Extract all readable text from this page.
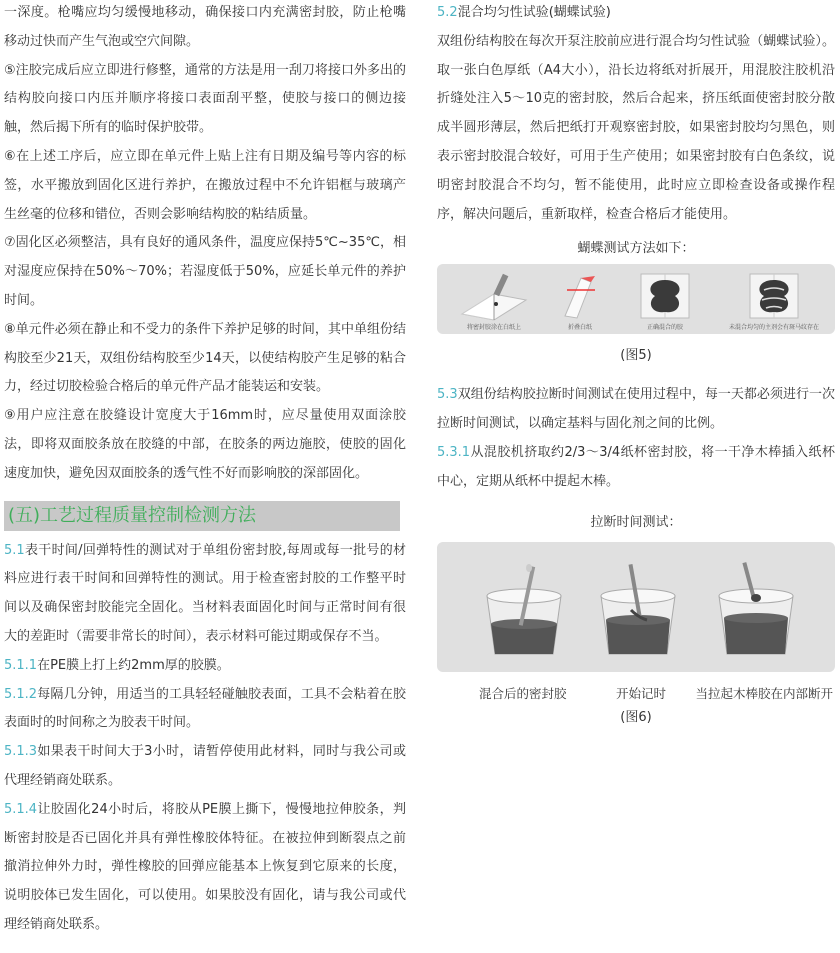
一深度。枪嘴应均匀缓慢地移动，确保接口内充满密封胶，防止枪嘴移动过快而产生气泡或空穴间隙。

⑤注胶完成后应立即进行修整，通常的方法是用一刮刀将接口外多出的结构胶向接口内压并顺序将接口表面刮平整，使胶与接口的侧边接触，然后揭下所有的临时保护胶带。

⑥在上述工序后，应立即在单元件上贴上注有日期及编号等内容的标签，水平搬放到固化区进行养护，在搬放过程中不允许铝框与玻璃产生丝毫的位移和错位，否则会影响结构胶的粘结质量。

⑦固化区必须整洁，具有良好的通风条件，温度应保持5℃~35℃，相对湿度应保持在50%～70%；若湿度低于50%，应延长单元件的养护时间。

⑧单元件必须在静止和不受力的条件下养护足够的时间，其中单组份结构胶至少21天，双组份结构胶至少14天，以使结构胶产生足够的粘合力，经过切胶检验合格后的单元件产品才能装运和安装。

⑨用户应注意在胶缝设计宽度大于16mm时，应尽量使用双面涂胶法，即将双面胶条放在胶缝的中部，在胶条的两边施胶，使胶的固化速度加快，避免因双面胶条的透气性不好而影响胶的深部固化。

(五)工艺过程质量控制检测方法

5.1表干时间/回弹特性的测试对于单组份密封胶,每周或每一批号的材料应进行表干时间和回弹特性的测试。用于检查密封胶的工作整平时间以及确保密封胶能完全固化。当材料表面固化时间与正常时间有很大的差距时（需要非常长的时间），表示材料可能过期或保存不当。

5.1.1在PE膜上打上约2mm厚的胶膜。

5.1.2每隔几分钟，用适当的工具轻轻碰触胶表面，工具不会粘着在胶表面时的时间称之为胶表干时间。

5.1.3如果表干时间大于3小时，请暂停使用此材料，同时与我公司或代理经销商处联系。

5.1.4让胶固化24小时后，将胶从PE膜上撕下，慢慢地拉伸胶条，判断密封胶是否已固化并具有弹性橡胶体特征。在被拉伸到断裂点之前撤消拉伸外力时，弹性橡胶的回弹应能基本上恢复到它原来的长度，说明胶体已发生固化，可以使用。如果胶没有固化，请与我公司或代理经销商处联系。

5.2混合均匀性试验(蝴蝶试验)

双组份结构胶在每次开泵注胶前应进行混合均匀性试验（蝴蝶试验）。取一张白色厚纸（A4大小），沿长边将纸对折展开，用混胶注胶机沿折缝处注入5～10克的密封胶，然后合起来，挤压纸面使密封胶分散成半圆形薄层，然后把纸打开观察密封胶，如果密封胶均匀黑色，则表示密封胶混合较好，可用于生产使用；如果密封胶有白色条纹，说明密封胶混合不均匀，暂不能使用，此时应立即检查设备或操作程序，解决问题后，重新取样，检查合格后才能使用。

蝴蝶测试方法如下：

将密封胶涂在白纸上	折叠白纸	正确混合的胶	未混合均匀的主剂会有斑马纹存在

(图5)

5.3双组份结构胶拉断时间测试在使用过程中，每一天都必须进行一次拉断时间测试，以确定基料与固化剂之间的比例。

5.3.1从混胶机挤取约2/3～3/4纸杯密封胶，将一干净木棒插入纸杯中心，定期从纸杯中提起木棒。

拉断时间测试：

混合后的密封胶	开始记时 当拉起木棒胶在内部断开

(图6)
